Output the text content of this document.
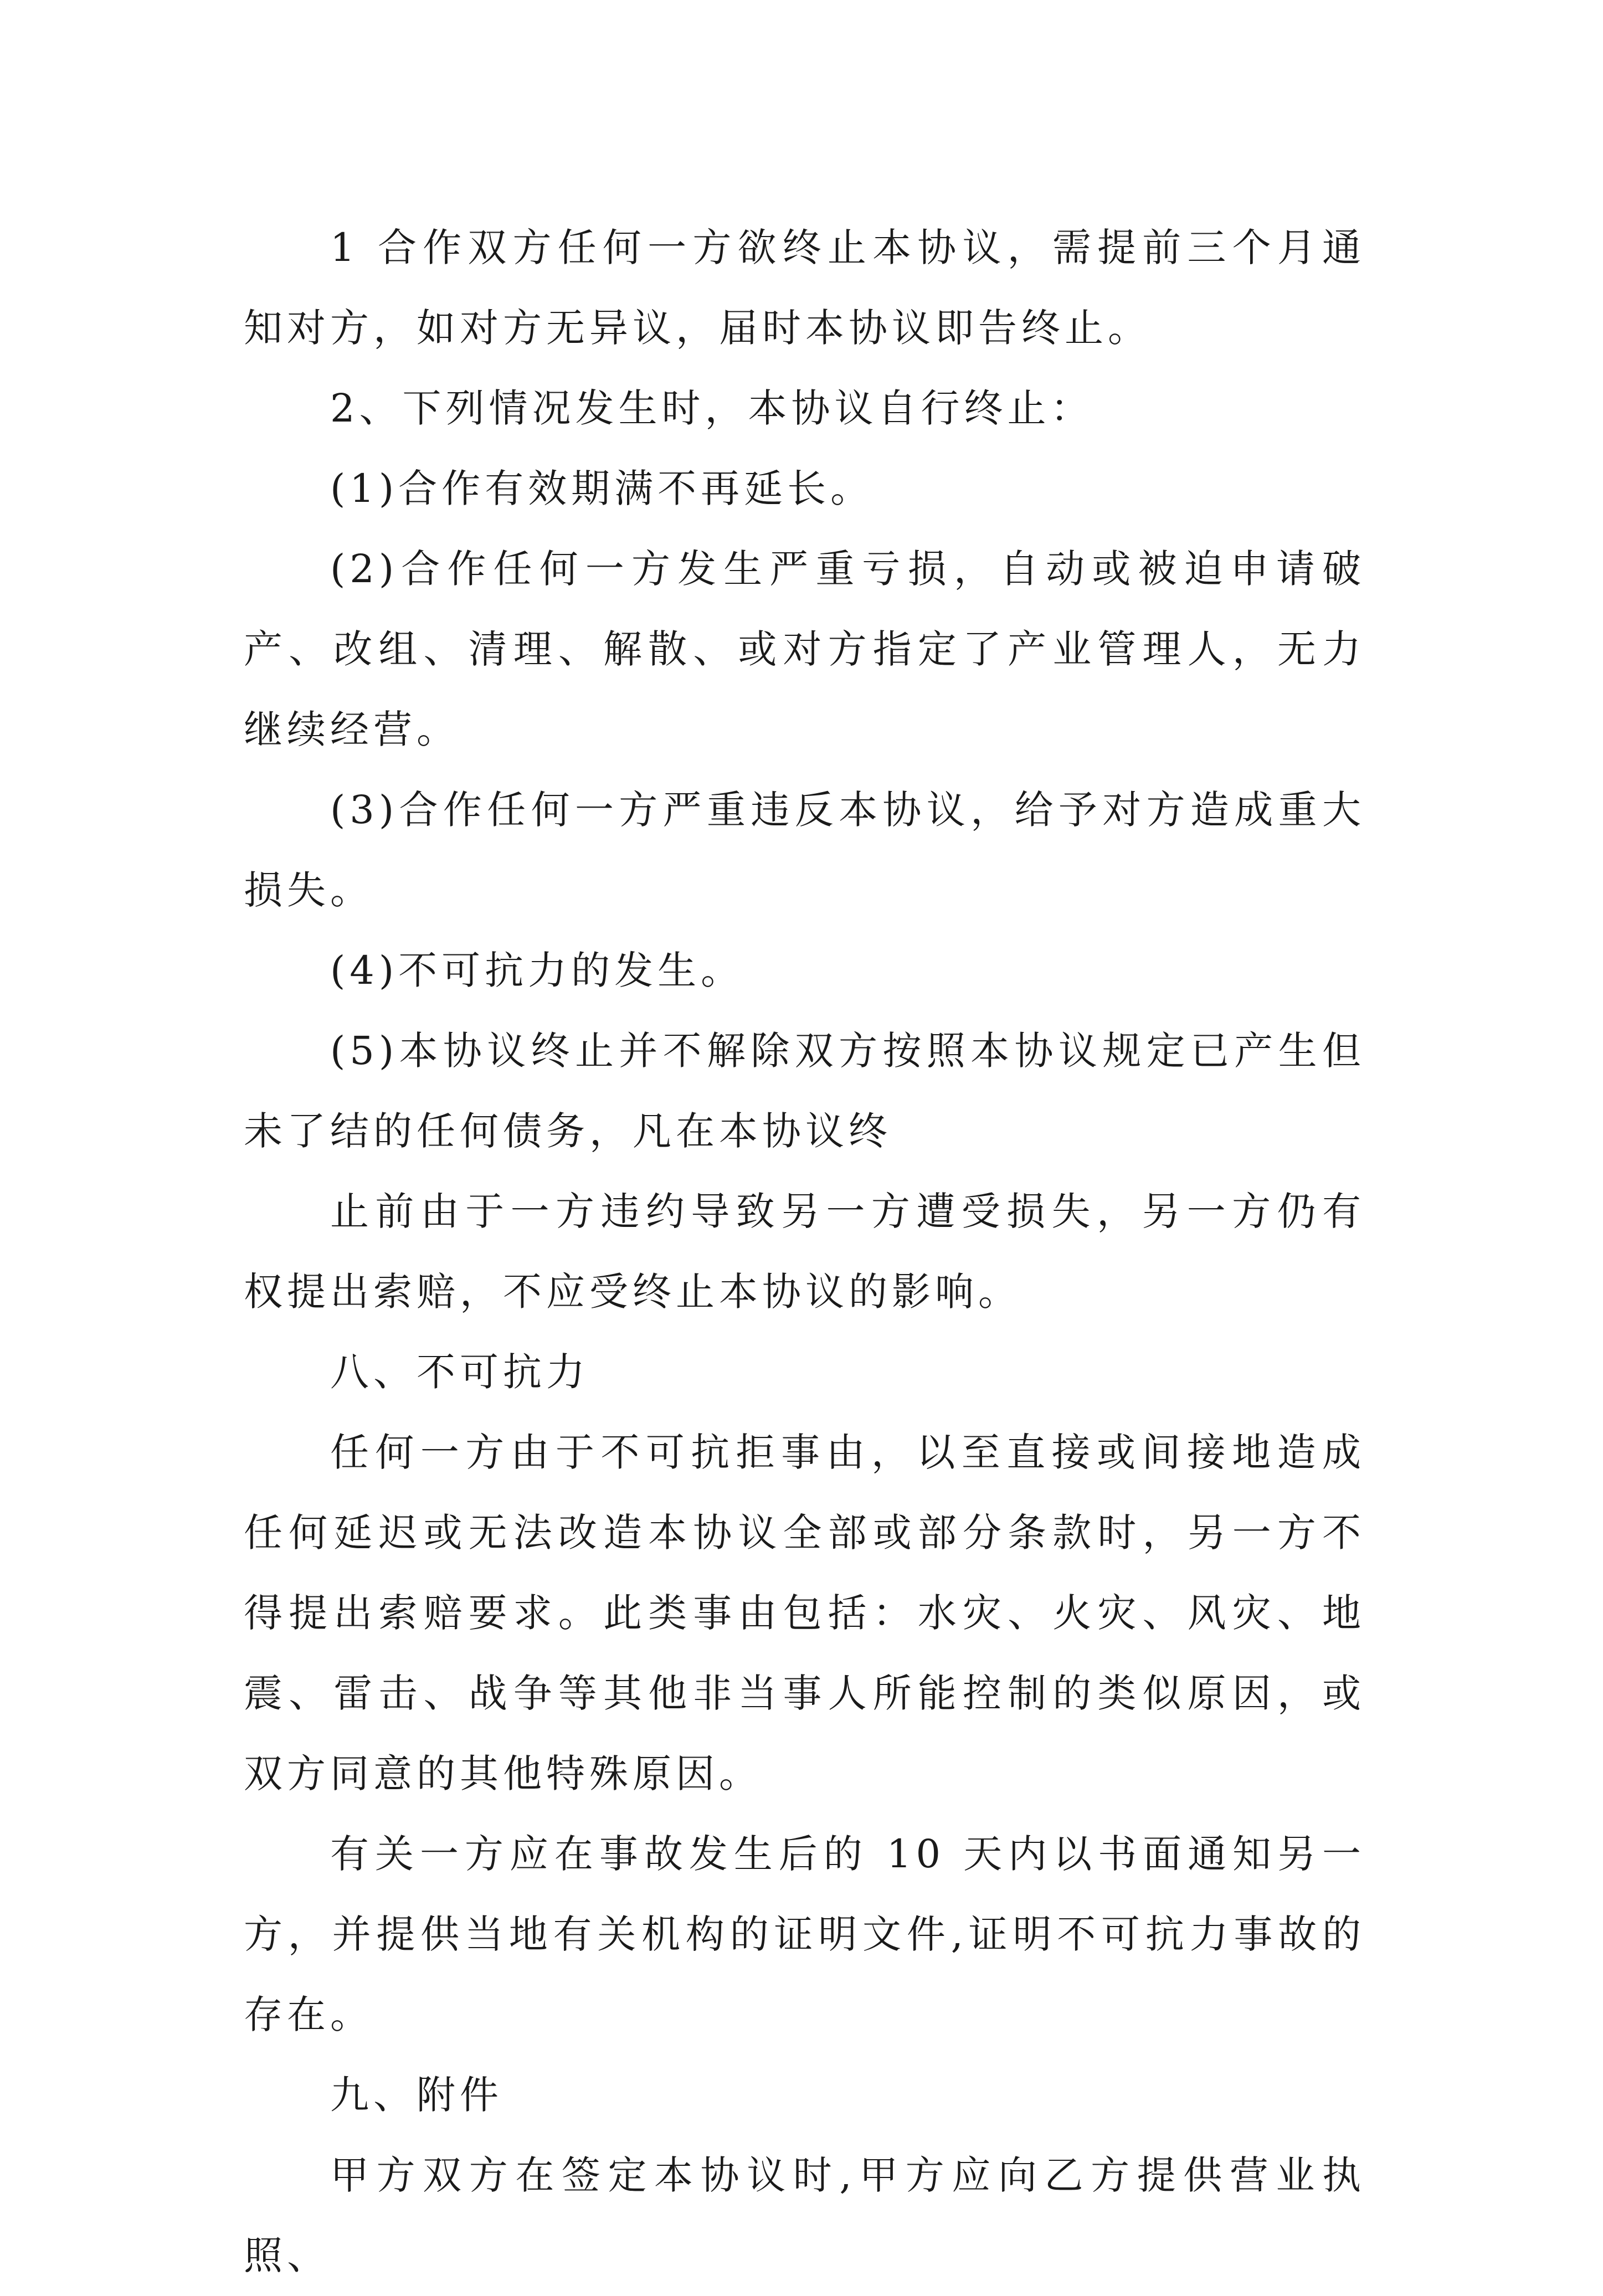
1 合作双方任何一方欲终止本协议，需提前三个月通知对方，如对方无异议，届时本协议即告终止。

2、下列情况发生时，本协议自行终止：

(1)合作有效期满不再延长。

(2)合作任何一方发生严重亏损，自动或被迫申请破产、改组、清理、解散、或对方指定了产业管理人，无力继续经营。

(3)合作任何一方严重违反本协议，给予对方造成重大损失。

(4)不可抗力的发生。

(5)本协议终止并不解除双方按照本协议规定已产生但未了结的任何债务，凡在本协议终

止前由于一方违约导致另一方遭受损失，另一方仍有权提出索赔，不应受终止本协议的影响。

八、不可抗力

任何一方由于不可抗拒事由，以至直接或间接地造成任何延迟或无法改造本协议全部或部分条款时，另一方不得提出索赔要求。此类事由包括：水灾、火灾、风灾、地震、雷击、战争等其他非当事人所能控制的类似原因，或双方同意的其他特殊原因。

有关一方应在事故发生后的 10 天内以书面通知另一方，并提供当地有关机构的证明文件,证明不可抗力事故的存在。

九、附件

甲方双方在签定本协议时,甲方应向乙方提供营业执照、
